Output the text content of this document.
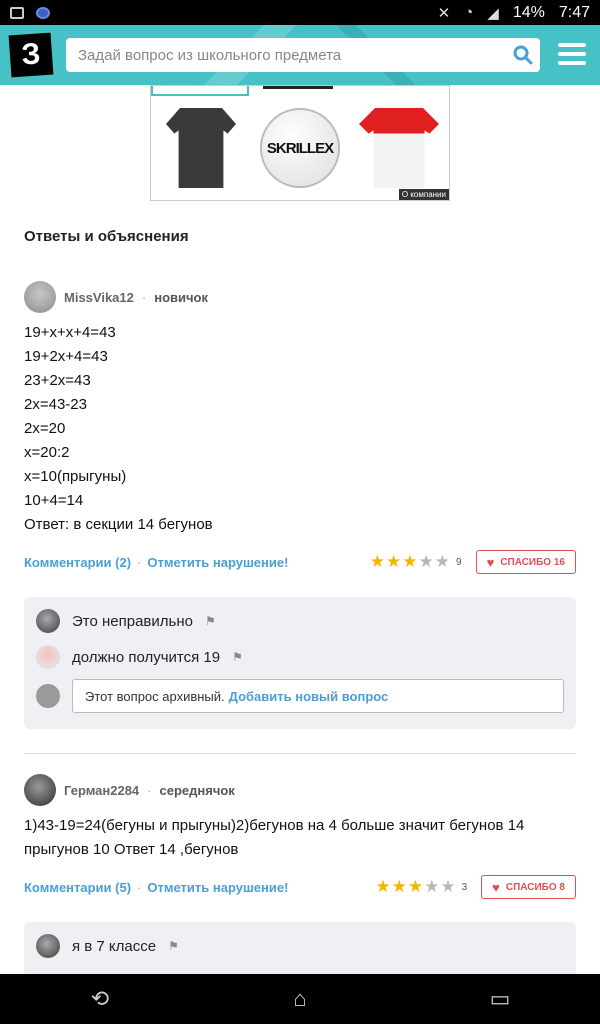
✕ ◔ ◢ 14% 7:47
З
Задай вопрос из школьного предмета
SKRILLEX
О компании
Ответы и объяснения
MissVika12 · новичок
19+x+x+4=43
19+2x+4=43
23+2x=43
2x=43-23
2x=20
x=20:2
x=10(прыгуны)
10+4=14
Ответ: в секции 14 бегунов
Комментарии (2) · Отметить нарушение!	★ ★ ★ ★ ★ 9 ♥ СПАСИБО 16
Это неправильно ⚑
должно получится 19 ⚑
Этот вопрос архивный. Добавить новый вопрос
Герман2284 · середнячок
1)43-19=24(бегуны и прыгуны)2)бегунов на 4 больше значит бегунов 14
прыгунов 10 Ответ 14 ,бегунов
Комментарии (5) · Отметить нарушение!	★ ★ ★ ★ ★ 3 ♥ СПАСИБО 8
я в 7 классе ⚑
⟲	⌂	▭
